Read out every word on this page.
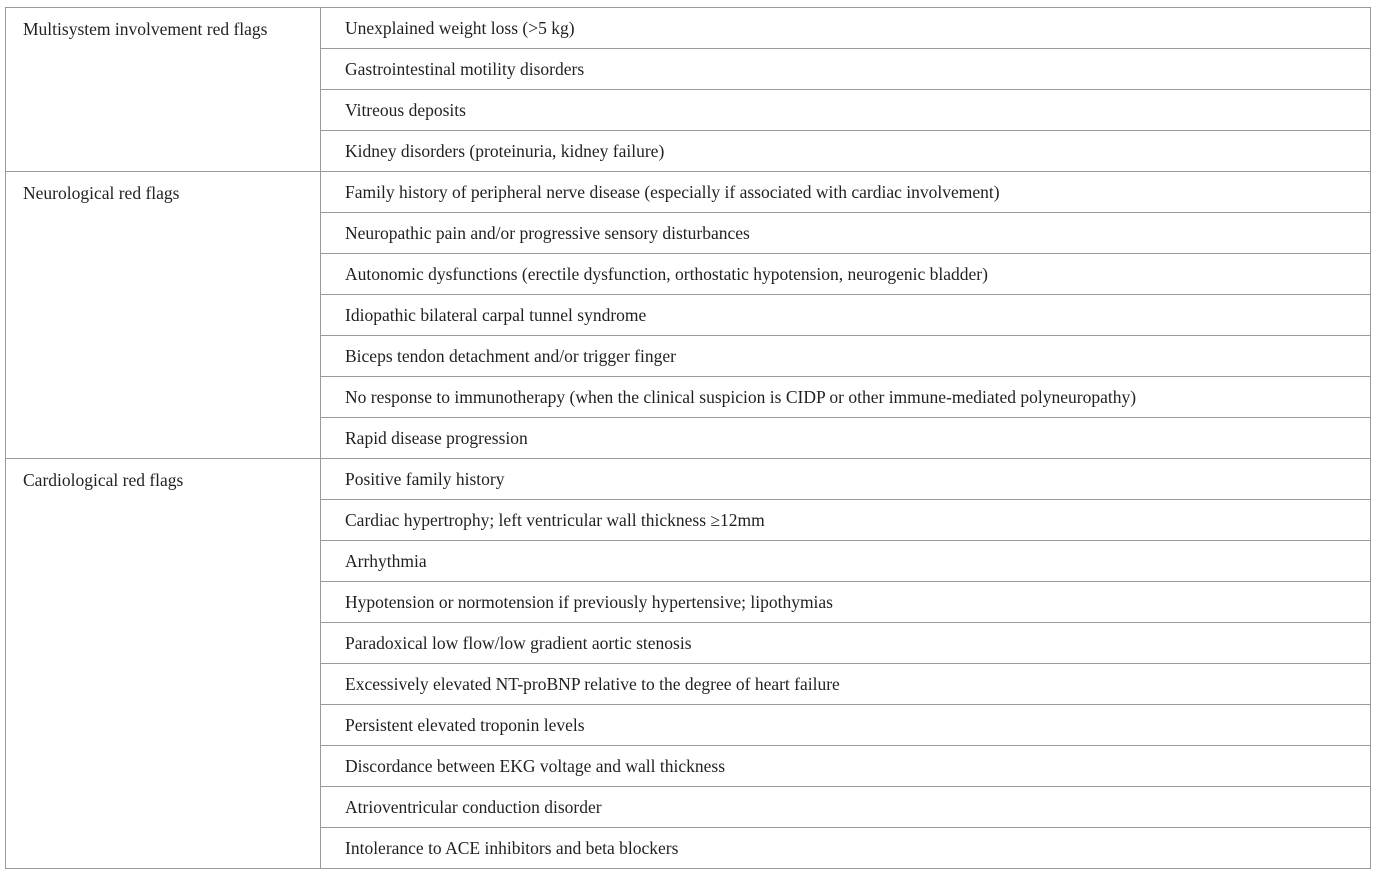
Multisystem involvement red flags	Unexplained weight loss (>5 kg)
	Gastrointestinal motility disorders
	Vitreous deposits
	Kidney disorders (proteinuria, kidney failure)
Neurological red flags	Family history of peripheral nerve disease (especially if associated with cardiac involvement)
	Neuropathic pain and/or progressive sensory disturbances
	Autonomic dysfunctions (erectile dysfunction, orthostatic hypotension, neurogenic bladder)
	Idiopathic bilateral carpal tunnel syndrome
	Biceps tendon detachment and/or trigger finger
	No response to immunotherapy (when the clinical suspicion is CIDP or other immune-mediated polyneuropathy)
	Rapid disease progression
Cardiological red flags	Positive family history
	Cardiac hypertrophy; left ventricular wall thickness ≥12mm
	Arrhythmia
	Hypotension or normotension if previously hypertensive; lipothymias
	Paradoxical low flow/low gradient aortic stenosis
	Excessively elevated NT-proBNP relative to the degree of heart failure
	Persistent elevated troponin levels
	Discordance between EKG voltage and wall thickness
	Atrioventricular conduction disorder
	Intolerance to ACE inhibitors and beta blockers
